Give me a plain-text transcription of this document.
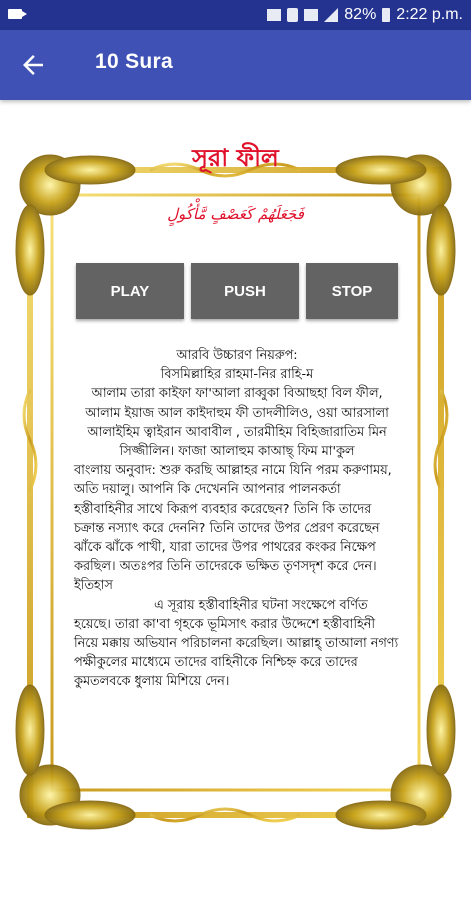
82% 2:22 p.m.
10 Sura
সূরা ফীল
فَجَعَلَهُمْ كَعَصْفٍ مَّأْكُولٍ
PLAY	PUSH	STOP
আরবি উচ্চারণ নিয়রুপ:
বিসমিল্লাহির রাহমা-নির রাহি-ম
আলাম তারা কাইফা ফা'আলা রাব্বুকা বিআছহা বিল ফীল, আলাম ইয়াজ আল কাইদাহুম ফী তাদলীলিও, ওয়া আরসালা আলাইহিম ত্বাইরান আবাবীল , তারমীহিম বিহিজারাতিম মিন সিজ্জীলিন। ফাজা আলাহুম কাআছ্‌ ফিম মা'কুল
বাংলায় অনুবাদ: শুরু করছি আল্লাহর নামে যিনি পরম করুণাময়, অতি দয়ালু। আপনি কি দেখেননি আপনার পালনকর্তা হস্তীবাহিনীর সাথে কিরূপ ব্যবহার করেছেন? তিনি কি তাদের চক্রান্ত নস্যাৎ করে দেননি? তিনি তাদের উপর প্রেরণ করেছেন ঝাঁকে ঝাঁকে পাখী, যারা তাদের উপর পাথরের কংকর নিক্ষেপ করছিল। অতঃপর তিনি তাদেরকে ভক্ষিত তৃণসদৃশ করে দেন।
ইতিহাস
এ সূরায় হস্তীবাহিনীর ঘটনা সংক্ষেপে বর্ণিত হয়েছে। তারা কা'বা গৃহকে ভূমিসাৎ করার উদ্দেশে হস্তীবাহিনী নিয়ে মক্কায় অভিযান পরিচালনা করেছিল। আল্লাহ্‌ তাআলা নগণ্য পক্ষীকুলের মাধ্যেমে তাদের বাহিনীকে নিশ্চিহ্ন করে তাদের কুমতলবকে ধুলায় মিশিয়ে দেন।
